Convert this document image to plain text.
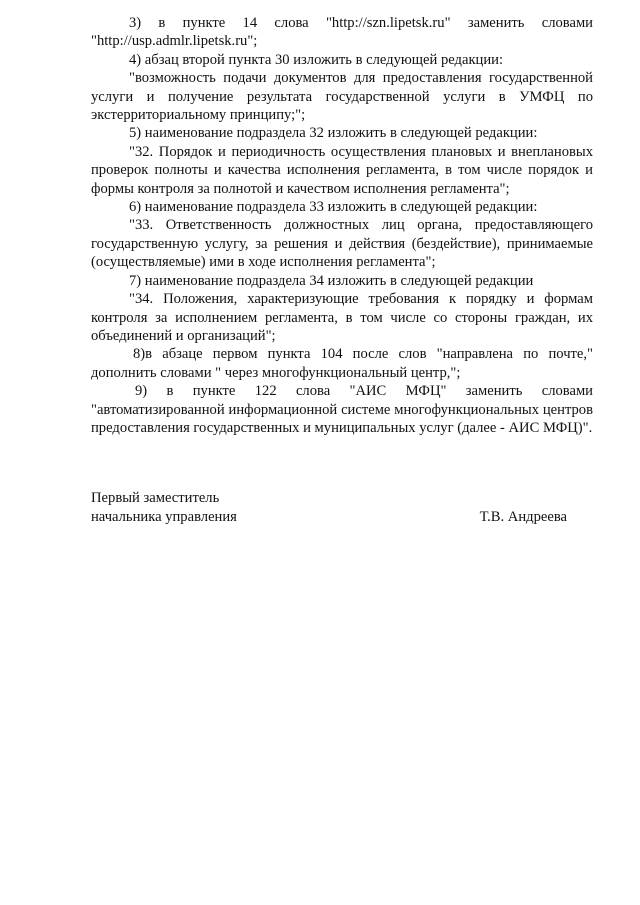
3) в пункте 14 слова "http://szn.lipetsk.ru" заменить словами "http://usp.admlr.lipetsk.ru";

4) абзац второй пункта 30 изложить в следующей редакции:

"возможность подачи документов для предоставления государственной услуги и получение результата государственной услуги в УМФЦ по экстерриториальному принципу;";

5) наименование подраздела 32 изложить в следующей редакции:

"32. Порядок и периодичность осуществления плановых и внеплановых проверок полноты и качества исполнения регламента, в том числе порядок и формы контроля за полнотой и качеством исполнения регламента";

6) наименование подраздела 33 изложить в следующей редакции:

"33. Ответственность должностных лиц органа, предоставляющего государственную услугу, за решения и действия (бездействие), принимаемые (осуществляемые) ими в ходе исполнения регламента";

7) наименование подраздела 34 изложить в следующей редакции

"34. Положения, характеризующие требования к порядку и формам контроля за исполнением регламента, в том числе со стороны граждан, их объединений и организаций";

8)в абзаце первом пункта 104 после слов "направлена по почте," дополнить словами " через многофункциональный центр,";

9) в пункте 122 слова "АИС МФЦ" заменить словами "автоматизированной информационной системе многофункциональных центров предоставления государственных и муниципальных услуг (далее - АИС МФЦ)".

Первый заместитель
начальника управления	Т.В. Андреева
